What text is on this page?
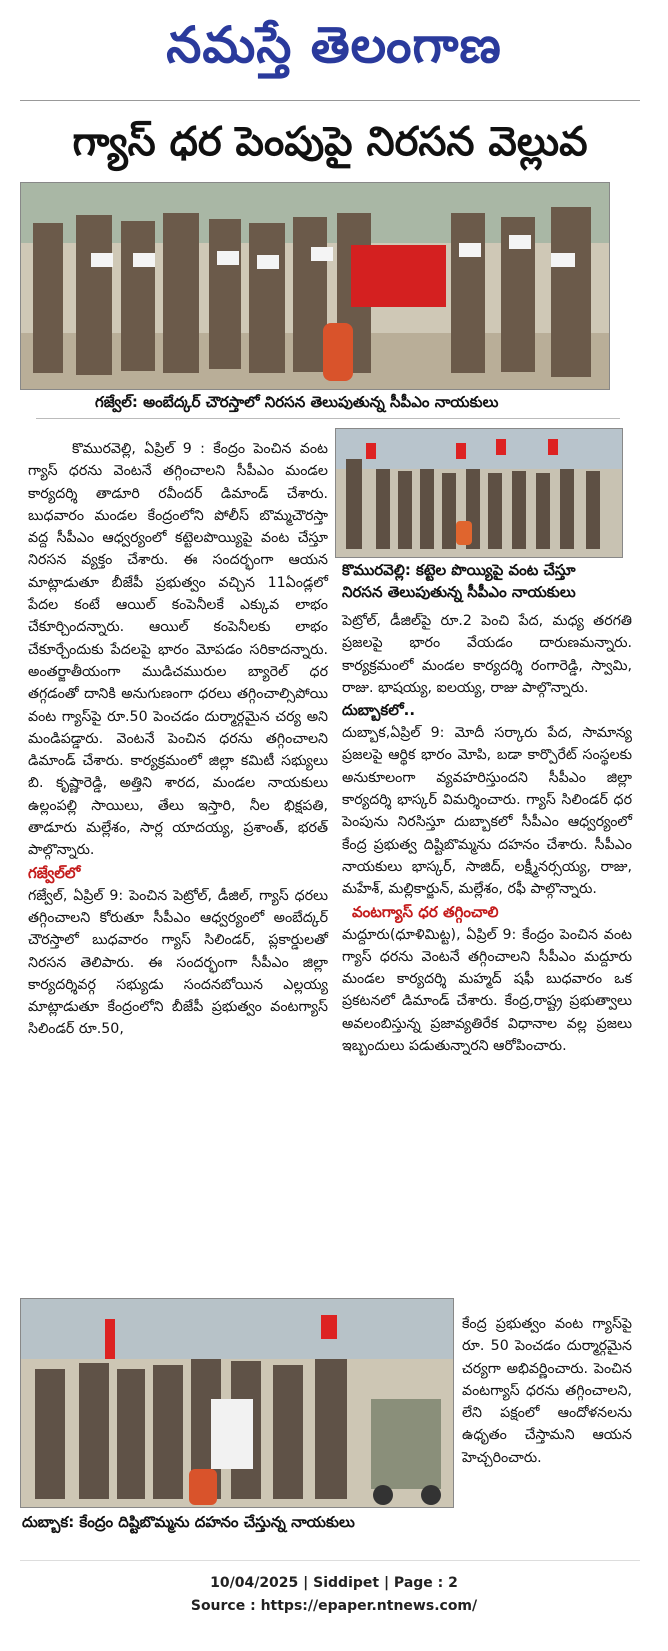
నమస్తే తెలంగాణ
గ్యాస్ ధర పెంపుపై నిరసన వెల్లువ
గజ్వేల్: అంబేద్కర్ చౌరస్తాలో నిరసన తెలుపుతున్న సీపీఎం నాయకులు
కొమురవెల్లి: కట్టెల పొయ్యిపై వంట చేస్తూ
నిరసన తెలుపుతున్న సీపీఎం నాయకులు

కొమురవెల్లి, ఏప్రిల్ 9 : కేంద్రం పెంచిన వంట గ్యాస్ ధరను వెంటనే తగ్గించాలని సీపీఎం మండల కార్యదర్శి తాడూరి రవీందర్ డిమాండ్ చేశారు. బుధవారం మండల కేంద్రంలోని పోలీస్ బొమ్మచౌరస్తా వద్ద సీపీఎం ఆధ్వర్యంలో కట్టెలపొయ్యిపై వంట చేస్తూ నిరసన వ్యక్తం చేశారు. ఈ సందర్భంగా ఆయన మాట్లాడుతూ బీజేపీ ప్రభుత్వం వచ్చిన 11ఏండ్లలో పేదల కంటే ఆయిల్ కంపెనీలకే ఎక్కువ లాభం చేకూర్చిందన్నారు. ఆయిల్ కంపెనీలకు లాభం చేకూర్చేందుకు పేదలపై భారం మోపడం సరికాదన్నారు. అంతర్జాతీయంగా ముడిచమురుల బ్యారెల్ ధర తగ్గడంతో దానికి అనుగుణంగా ధరలు తగ్గించాల్సిపోయి వంట గ్యాస్‌పై రూ.50 పెంచడం దుర్మార్గమైన చర్య అని మండిపడ్డారు. వెంటనే పెంచిన ధరను తగ్గించాలని డిమాండ్ చేశారు. కార్యక్రమంలో జిల్లా కమిటీ సభ్యులు బి. కృష్ణారెడ్డి, అత్తిని శారద, మండల నాయకులు ఉల్లంపల్లి సాయిలు, తేలు ఇస్తారి, నీల భిక్షపతి, తాడూరు మల్లేశం, సార్ల యాదయ్య, ప్రశాంత్, భరత్ పాల్గొన్నారు.

గజ్వేల్‌లో

గజ్వేల్, ఏప్రిల్ 9: పెంచిన పెట్రోల్, డీజిల్, గ్యాస్ ధరలు తగ్గించాలని కోరుతూ సీపీఎం ఆధ్వర్యంలో అంబేద్కర్ చౌరస్తాలో బుధవారం గ్యాస్ సిలిండర్, ప్లకార్డులతో నిరసన తెలిపారు. ఈ సందర్భంగా సీపీఎం జిల్లా కార్యదర్శివర్గ సభ్యుడు సందనబోయిన ఎల్లయ్య మాట్లాడుతూ కేంద్రంలోని బీజేపీ ప్రభుత్వం వంటగ్యాస్ సిలిండర్ రూ.50,

పెట్రోల్, డీజిల్‌పై రూ.2 పెంచి పేద, మధ్య తరగతి ప్రజలపై భారం వేయడం దారుణమన్నారు. కార్యక్రమంలో మండల కార్యదర్శి రంగారెడ్డి, స్వామి, రాజు. భాషయ్య, ఐలయ్య, రాజు పాల్గొన్నారు.

దుబ్బాకలో..

దుబ్బాక,ఏప్రిల్ 9: మోదీ సర్కారు పేద, సామాన్య ప్రజలపై ఆర్థిక భారం మోపి, బడా కార్పొరేట్ సంస్థలకు అనుకూలంగా వ్యవహరిస్తుందని సీపీఎం జిల్లా కార్యదర్శి భాస్కర్ విమర్శించారు. గ్యాస్ సిలిండర్ ధర పెంపును నిరసిస్తూ దుబ్బాకలో సీపీఎం ఆధ్వర్యంలో కేంద్ర ప్రభుత్వ దిష్టిబొమ్మను దహనం చేశారు. సీపీఎం నాయకులు భాస్కర్, సాజిద్, లక్ష్మీనర్సయ్య, రాజు, మహేశ్, మల్లికార్జున్, మల్లేశం, రఫీ పాల్గొన్నారు.

వంటగ్యాస్ ధర తగ్గించాలి

మద్దూరు(ధూళిమిట్ట), ఏప్రిల్ 9: కేంద్రం పెంచిన వంట గ్యాస్ ధరను వెంటనే తగ్గించాలని సీపీఎం మద్దూరు మండల కార్యదర్శి మహ్మద్ షఫీ బుధవారం ఒక ప్రకటనలో డిమాండ్ చేశారు. కేంద్ర,రాష్ట్ర ప్రభుత్వాలు అవలంబిస్తున్న ప్రజావ్యతిరేక విధానాల వల్ల ప్రజలు ఇబ్బందులు పడుతున్నారని ఆరోపించారు.

దుబ్బాక: కేంద్రం దిష్టిబొమ్మను దహనం చేస్తున్న నాయకులు

కేంద్ర ప్రభుత్వం వంట గ్యాస్‌పై రూ. 50 పెంచడం దుర్మార్గమైన చర్యగా అభివర్ణించారు. పెంచిన వంటగ్యాస్ ధరను తగ్గించాలని, లేని పక్షంలో ఆందోళనలను ఉధృతం చేస్తామని ఆయన హెచ్చరించారు.

10/04/2025 | Siddipet | Page : 2
Source : https://epaper.ntnews.com/
